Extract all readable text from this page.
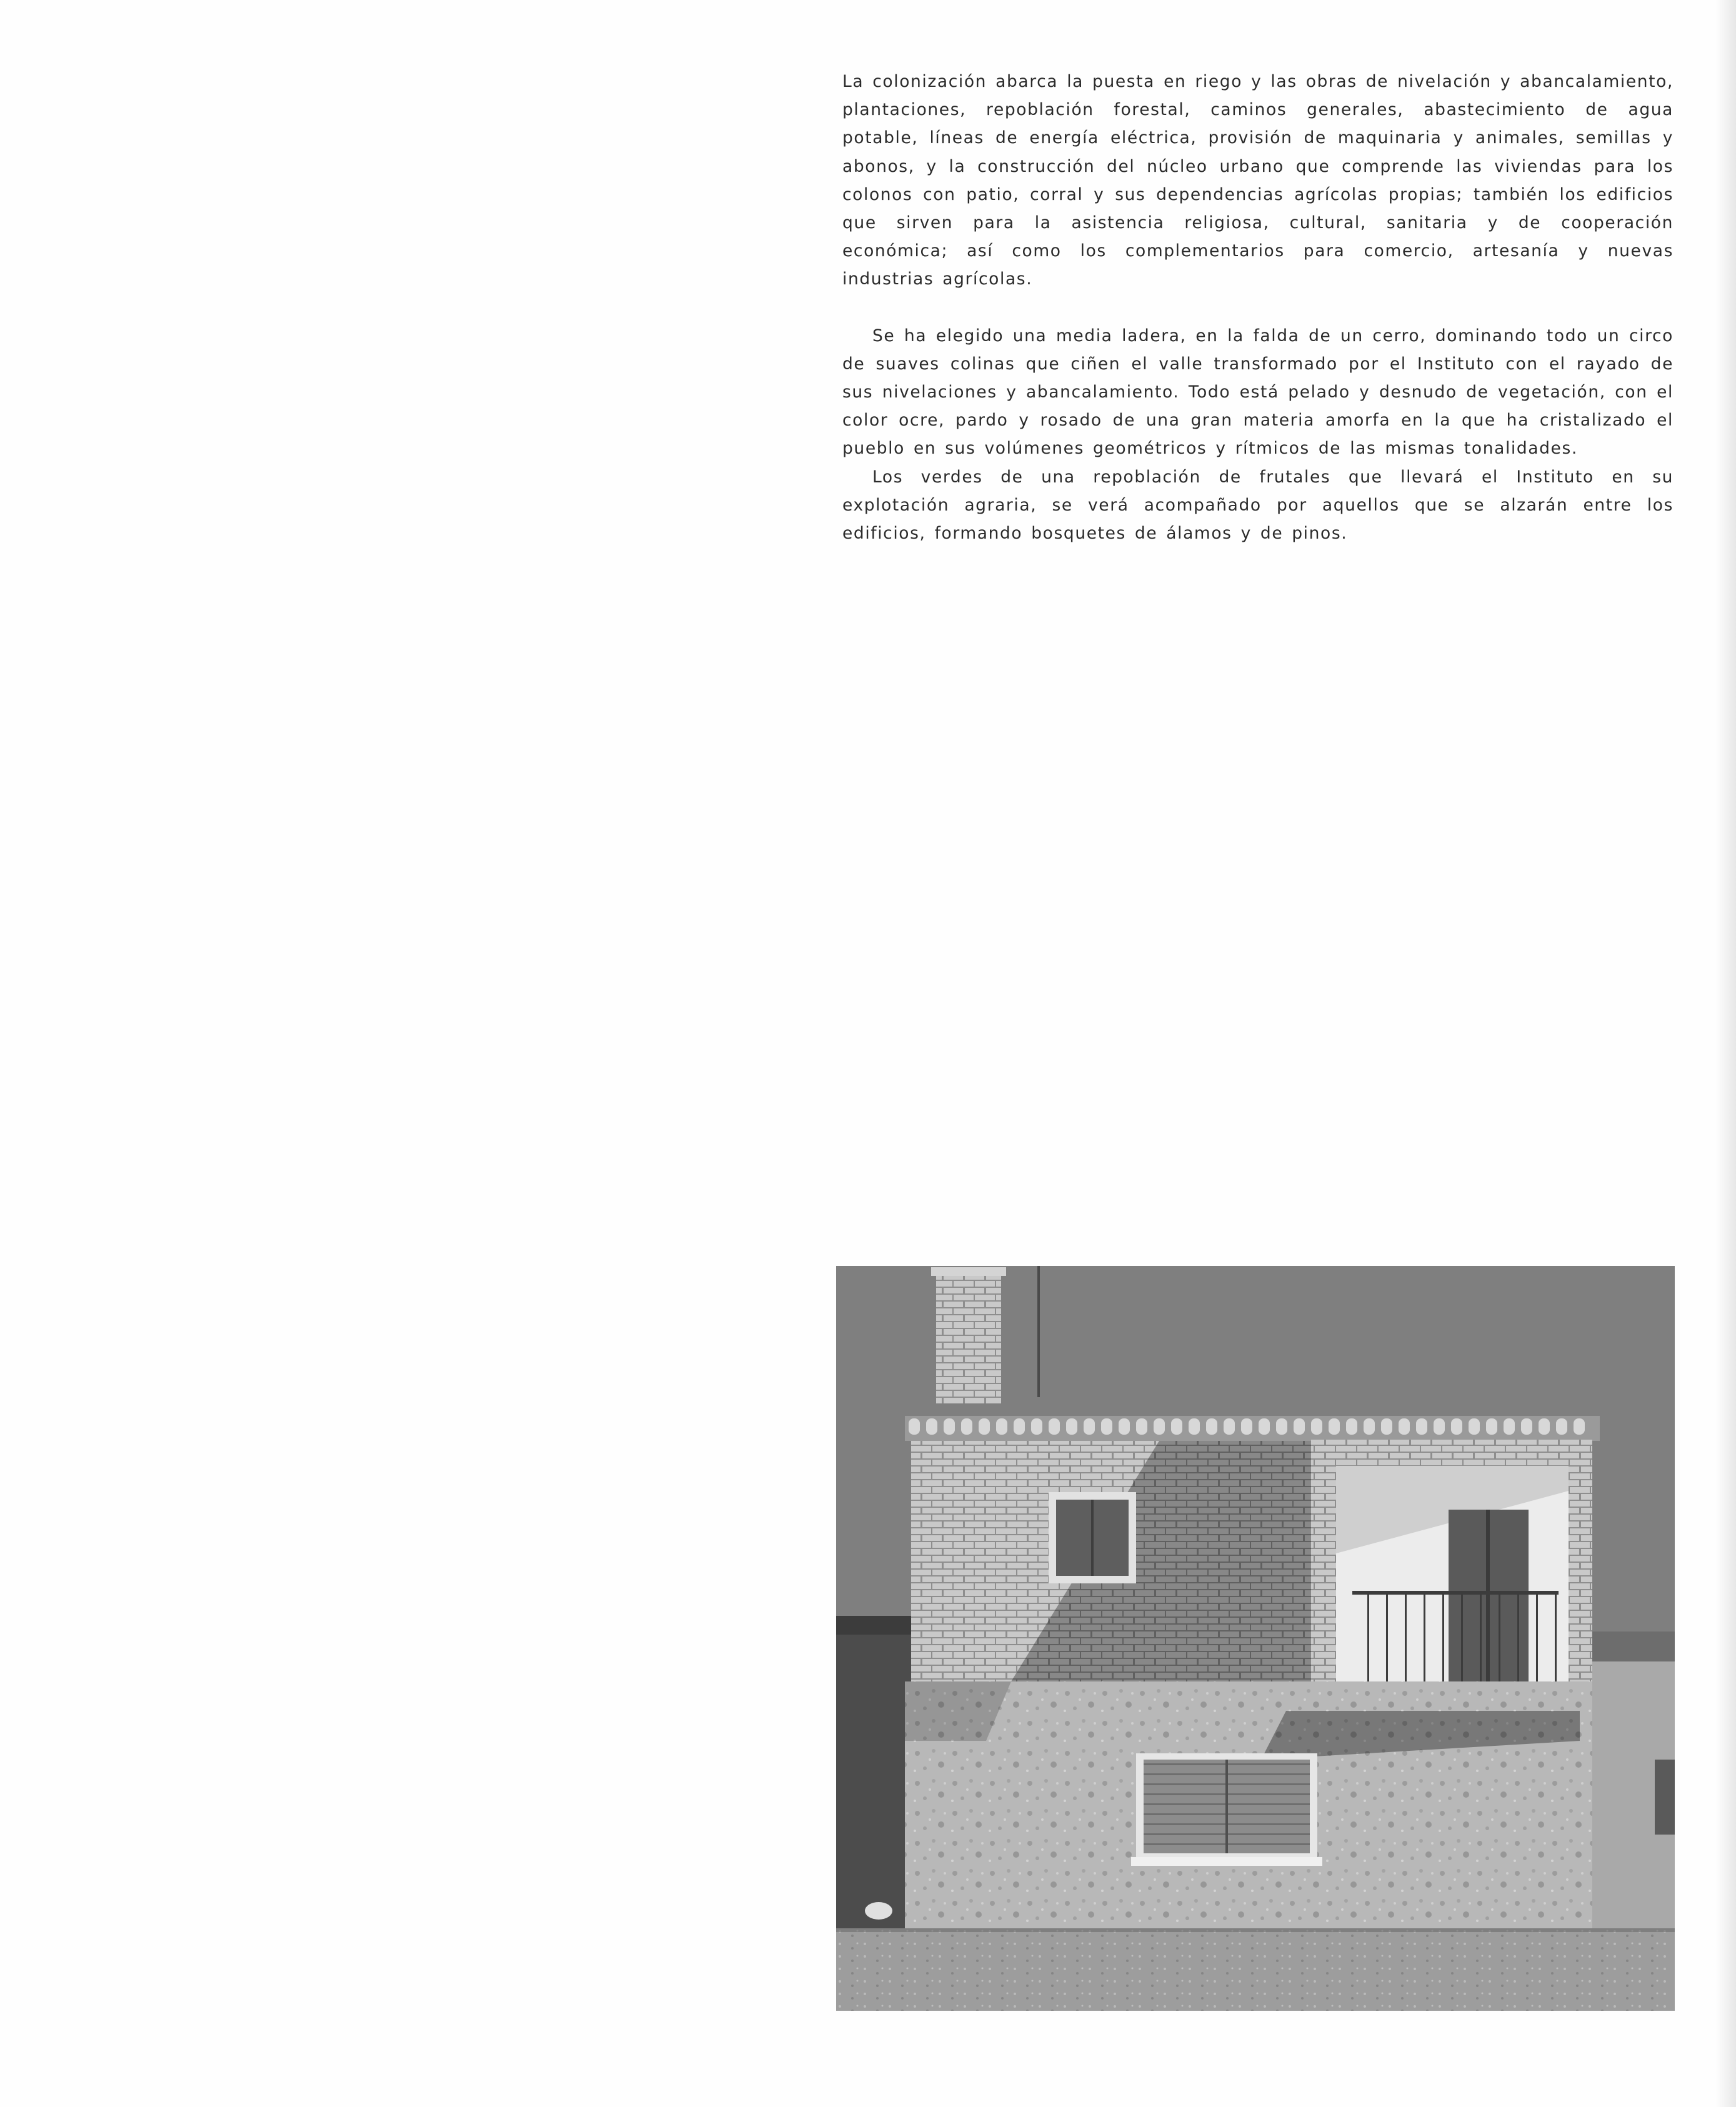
La colonización abarca la puesta en riego y las obras de nivelación y abancalamiento, plantaciones, repoblación forestal, caminos generales, abastecimiento de agua potable, líneas de energía eléctrica, provisión de maquinaria y animales, semillas y abonos, y la construcción del núcleo urbano que comprende las viviendas para los colonos con patio, corral y sus dependencias agrícolas propias; también los edificios que sirven para la asistencia religiosa, cultural, sanitaria y de cooperación económica; así como los complementarios para comercio, artesanía y nuevas industrias agrícolas.

Se ha elegido una media ladera, en la falda de un cerro, dominando todo un circo de suaves colinas que ciñen el valle transformado por el Instituto con el rayado de sus nivelaciones y abancalamiento. Todo está pelado y desnudo de vegetación, con el color ocre, pardo y rosado de una gran materia amorfa en la que ha cristalizado el pueblo en sus volúmenes geométricos y rítmicos de las mismas tonalidades.

Los verdes de una repoblación de frutales que llevará el Instituto en su explotación agraria, se verá acompañado por aquellos que se alzarán entre los edificios, formando bosquetes de álamos y de pinos.
